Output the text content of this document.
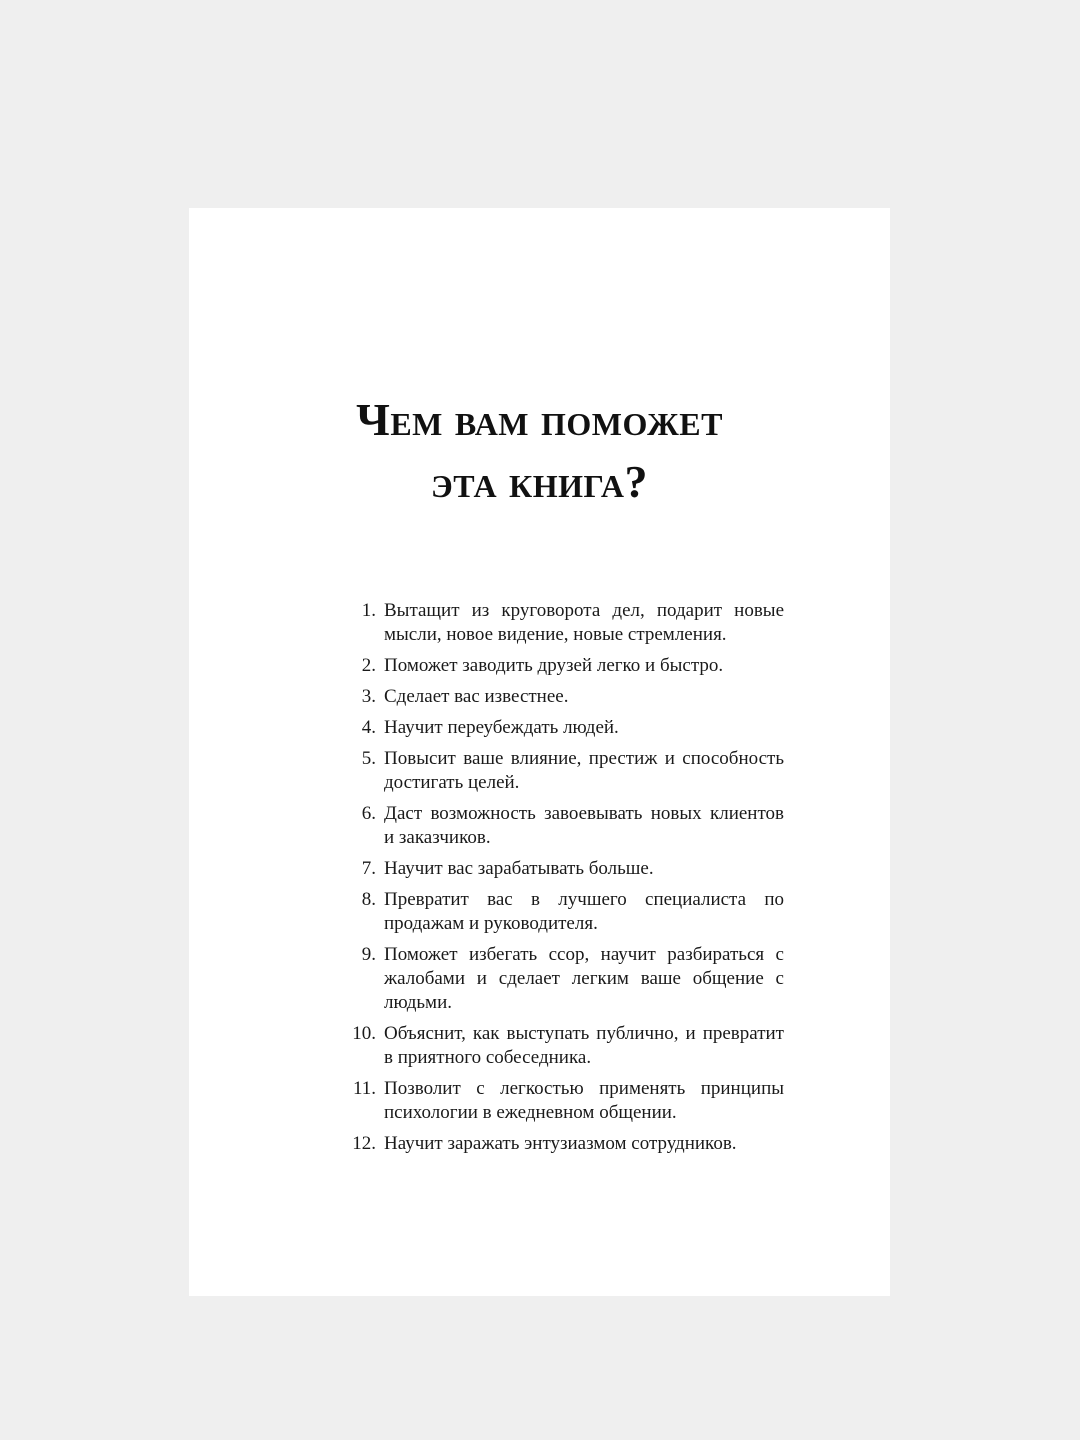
Чем вам поможет
эта книга?
1. Вытащит из круговорота дел, подарит новые мысли, новое видение, новые стремления.
2. Поможет заводить друзей легко и быстро.
3. Сделает вас известнее.
4. Научит переубеждать людей.
5. Повысит ваше влияние, престиж и способность достигать целей.
6. Даст возможность завоевывать новых клиентов и заказчиков.
7. Научит вас зарабатывать больше.
8. Превратит вас в лучшего специалиста по продажам и руководителя.
9. Поможет избегать ссор, научит разбираться с жалобами и сделает легким ваше общение с людьми.
10. Объяснит, как выступать публично, и превратит в приятного собеседника.
11. Позволит с легкостью применять принципы психологии в ежедневном общении.
12. Научит заражать энтузиазмом сотрудников.
